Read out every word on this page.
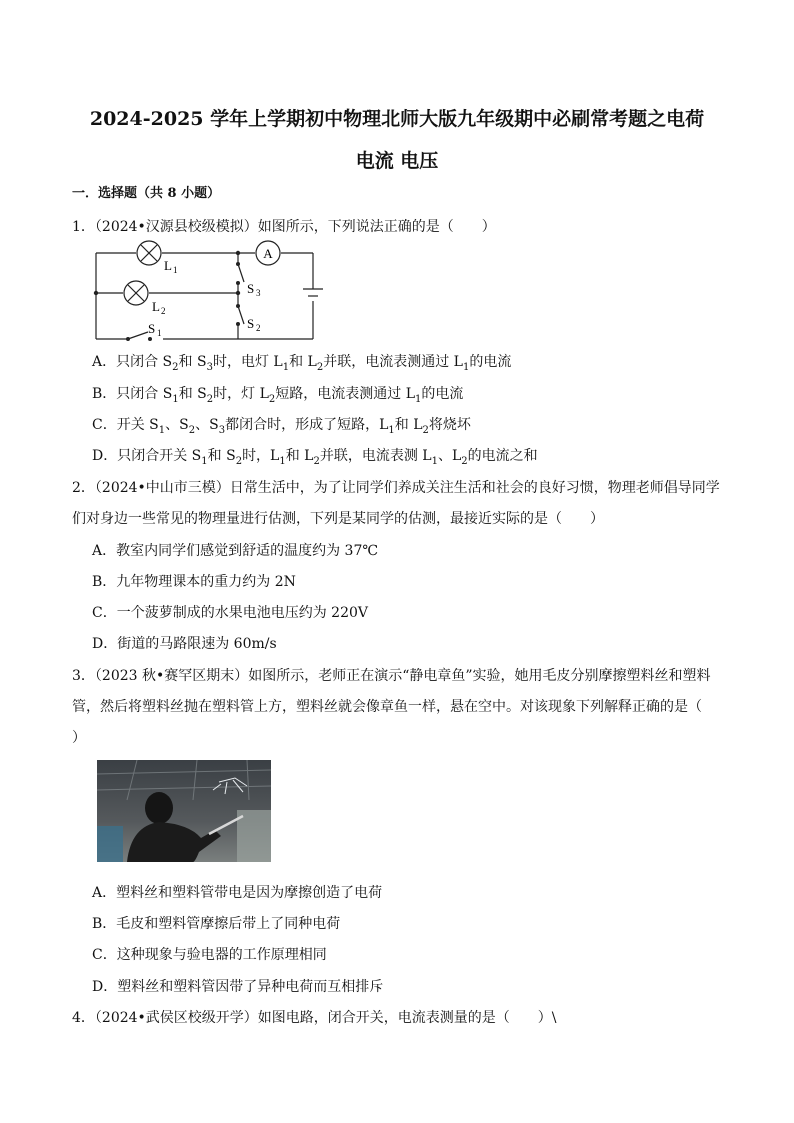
2024-2025 学年上学期初中物理北师大版九年级期中必刷常考题之电荷
电流 电压
一．选择题（共 8 小题）
1．（2024•汉源县校级模拟）如图所示，下列说法正确的是（　　）
A
L 1
L 2
S 3
S 2
S 1
A．只闭合 $S_2$和 $S_3$时，电灯 $L_1$和 $L_2$并联，电流表测通过 $L_1$的电流
B．只闭合 $S_1$和 $S_2$时，灯 $L_2$短路，电流表测通过 $L_1$的电流
C．开关 $S_1$、$S_2$、$S_3$都闭合时，形成了短路，$L_1$和 $L_2$将烧坏
D．只闭合开关 $S_1$和 $S_2$时，$L_1$和 $L_2$并联，电流表测 $L_1$、$L_2$的电流之和
2．（2024•中山市三模）日常生活中，为了让同学们养成关注生活和社会的良好习惯，物理老师倡导同学
们对身边一些常见的物理量进行估测，下列是某同学的估测，最接近实际的是（　　）
A．教室内同学们感觉到舒适的温度约为 37℃
B．九年物理课本的重力约为 2N
C．一个菠萝制成的水果电池电压约为 220V
D．街道的马路限速为 60m/s
3．（2023 秋•赛罕区期末）如图所示，老师正在演示“静电章鱼”实验，她用毛皮分别摩擦塑料丝和塑料
管，然后将塑料丝抛在塑料管上方，塑料丝就会像章鱼一样，悬在空中。对该现象下列解释正确的是（
）
A．塑料丝和塑料管带电是因为摩擦创造了电荷
B．毛皮和塑料管摩擦后带上了同种电荷
C．这种现象与验电器的工作原理相同
D．塑料丝和塑料管因带了异种电荷而互相排斥
4．（2024•武侯区校级开学）如图电路，闭合开关，电流表测量的是（　　）\
